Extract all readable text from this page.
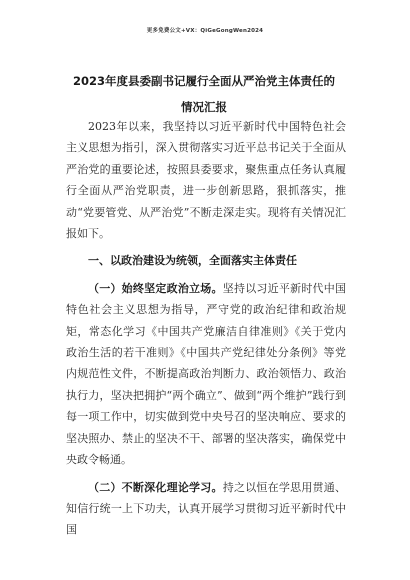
更多免费公文+VX：QiGeGongWen2024
2023年度县委副书记履行全面从严治党主体责任的情况汇报

2023年以来，我坚持以习近平新时代中国特色社会主义思想为指引，深入贯彻落实习近平总书记关于全面从严治党的重要论述，按照县委要求，聚焦重点任务认真履行全面从严治党职责，进一步创新思路，狠抓落实，推动“党要管党、从严治党”不断走深走实。现将有关情况汇报如下。

一、以政治建设为统领，全面落实主体责任

（一）始终坚定政治立场。坚持以习近平新时代中国特色社会主义思想为指导，严守党的政治纪律和政治规矩，常态化学习《中国共产党廉洁自律准则》《关于党内政治生活的若干准则》《中国共产党纪律处分条例》等党内规范性文件，不断提高政治判断力、政治领悟力、政治执行力，坚决把拥护“两个确立”、做到“两个维护”践行到每一项工作中，切实做到党中央号召的坚决响应、要求的坚决照办、禁止的坚决不干、部署的坚决落实，确保党中央政令畅通。

（二）不断深化理论学习。持之以恒在学思用贯通、知信行统一上下功夫，认真开展学习贯彻习近平新时代中国
